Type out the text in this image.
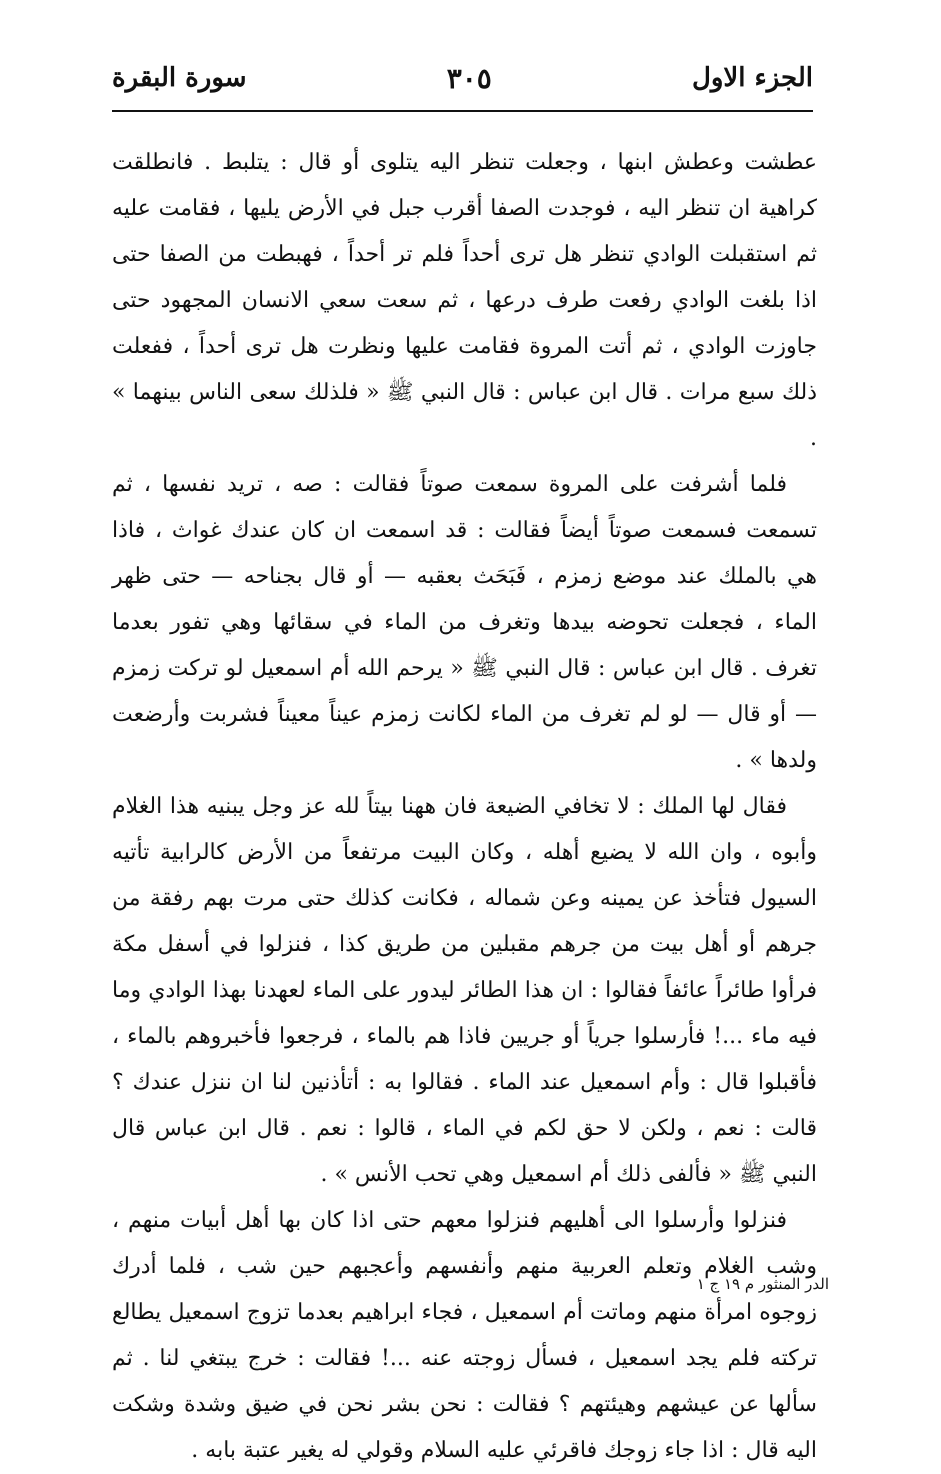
الجزء الاول
٣٠٥
سورة البقرة

عطشت وعطش ابنها ، وجعلت تنظر اليه يتلوى أو قال : يتلبط . فانطلقت كراهية ان تنظر اليه ، فوجدت الصفا أقرب جبل في الأرض يليها ، فقامت عليه ثم استقبلت الوادي تنظر هل ترى أحداً فلم تر أحداً ، فهبطت من الصفا حتى اذا بلغت الوادي رفعت طرف درعها ، ثم سعت سعي الانسان المجهود حتى جاوزت الوادي ، ثم أتت المروة فقامت عليها ونظرت هل ترى أحداً ، ففعلت ذلك سبع مرات . قال ابن عباس : قال النبي ﷺ « فلذلك سعى الناس بينهما » .

فلما أشرفت على المروة سمعت صوتاً فقالت : صه ، تريد نفسها ، ثم تسمعت فسمعت صوتاً أيضاً فقالت : قد اسمعت ان كان عندك غواث ، فاذا هي بالملك عند موضع زمزم ، فَبَحَث بعقبه — أو قال بجناحه — حتى ظهر الماء ، فجعلت تحوضه بيدها وتغرف من الماء في سقائها وهي تفور بعدما تغرف . قال ابن عباس : قال النبي ﷺ « يرحم الله أم اسمعيل لو تركت زمزم — أو قال — لو لم تغرف من الماء لكانت زمزم عيناً معيناً فشربت وأرضعت ولدها » .

فقال لها الملك : لا تخافي الضيعة فان ههنا بيتاً لله عز وجل يبنيه هذا الغلام وأبوه ، وان الله لا يضيع أهله ، وكان البيت مرتفعاً من الأرض كالرابية تأتيه السيول فتأخذ عن يمينه وعن شماله ، فكانت كذلك حتى مرت بهم رفقة من جرهم أو أهل بيت من جرهم مقبلين من طريق كذا ، فنزلوا في أسفل مكة فرأوا طائراً عائفاً فقالوا : ان هذا الطائر ليدور على الماء لعهدنا بهذا الوادي وما فيه ماء ...! فأرسلوا جرياً أو جريين فاذا هم بالماء ، فرجعوا فأخبروهم بالماء ، فأقبلوا قال : وأم اسمعيل عند الماء . فقالوا به : أتأذنين لنا ان ننزل عندك ؟ قالت : نعم ، ولكن لا حق لكم في الماء ، قالوا : نعم . قال ابن عباس قال النبي ﷺ « فألفى ذلك أم اسمعيل وهي تحب الأنس » .

فنزلوا وأرسلوا الى أهليهم فنزلوا معهم حتى اذا كان بها أهل أبيات منهم ، وشب الغلام وتعلم العربية منهم وأنفسهم وأعجبهم حين شب ، فلما أدرك زوجوه امرأة منهم وماتت أم اسمعيل ، فجاء ابراهيم بعدما تزوج اسمعيل يطالع تركته فلم يجد اسمعيل ، فسأل زوجته عنه ...! فقالت : خرج يبتغي لنا . ثم سألها عن عيشهم وهيئتهم ؟ فقالت : نحن بشر نحن في ضيق وشدة وشكت اليه قال : اذا جاء زوجك فاقرئي عليه السلام وقولي له يغير عتبة بابه .

الدر المنثور م ١٩ ج ١
